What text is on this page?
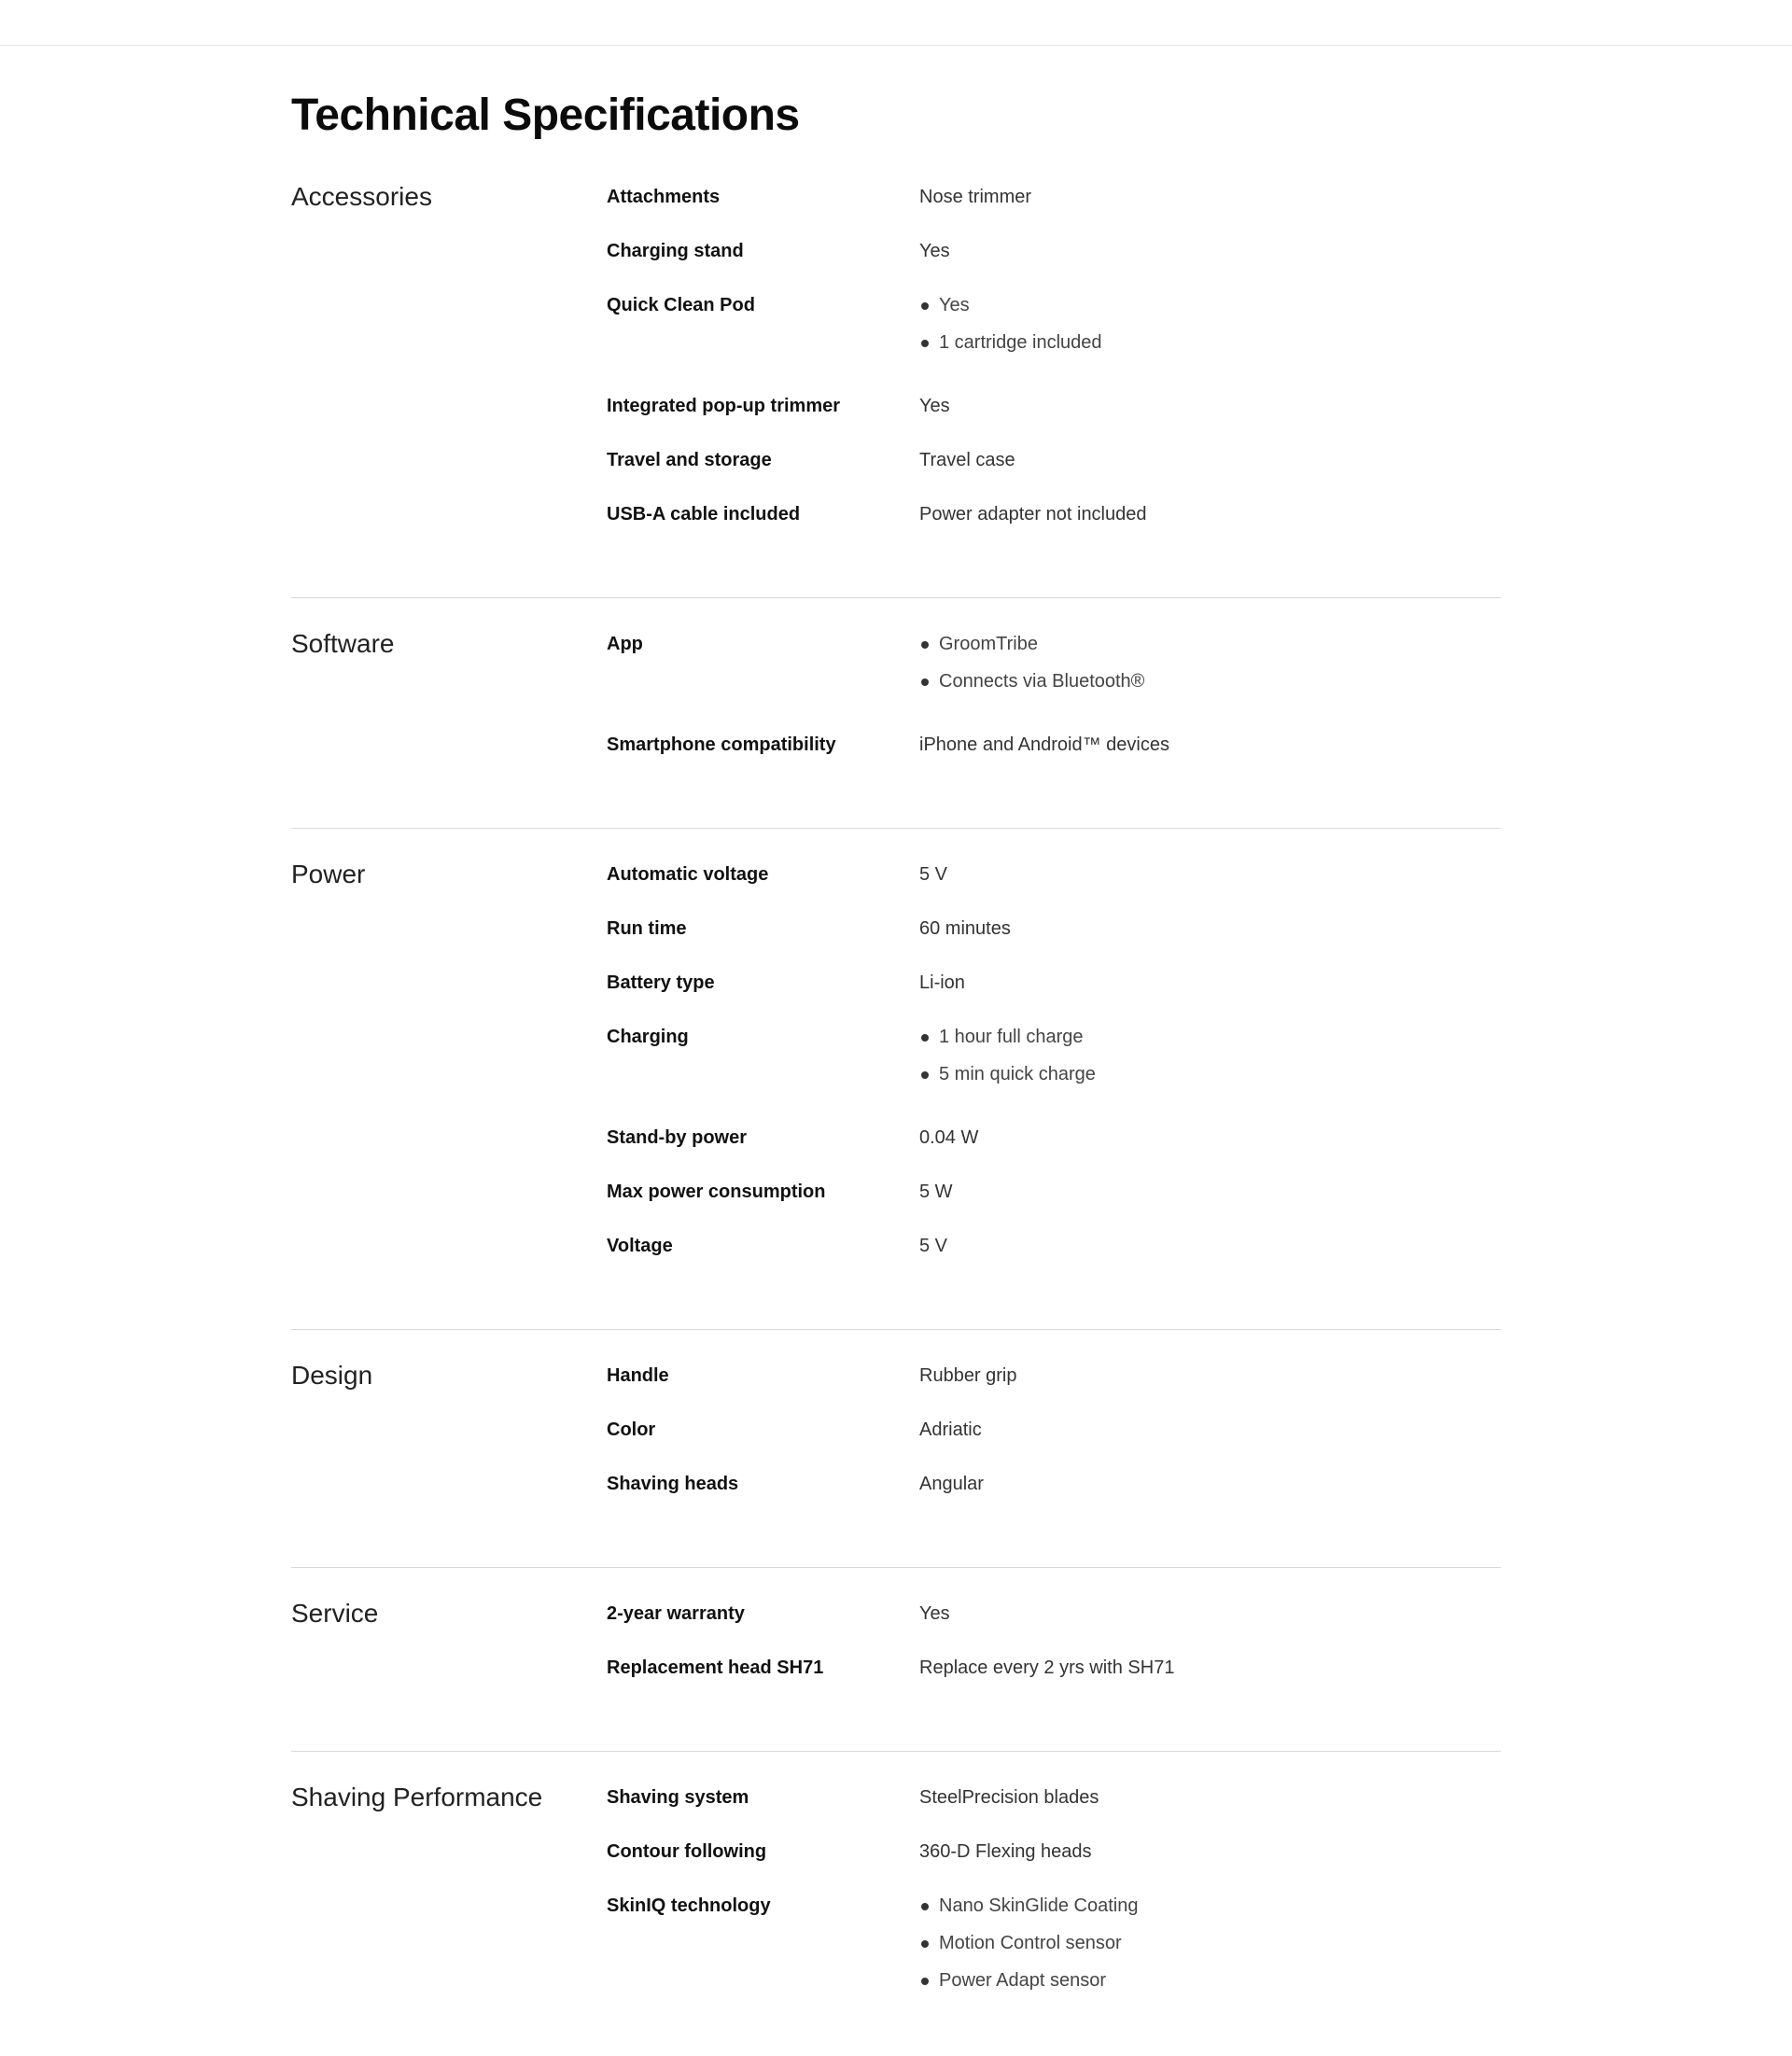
Technical Specifications
Accessories	Attachments	Nose trimmer
Charging stand	Yes
Quick Clean Pod	Yes
1 cartridge included
Integrated pop-up trimmer	Yes
Travel and storage	Travel case
USB-A cable included	Power adapter not included
Software	App	GroomTribe
Connects via Bluetooth®
Smartphone compatibility	iPhone and Android™ devices
Power	Automatic voltage	5 V
Run time	60 minutes
Battery type	Li-ion
Charging	1 hour full charge
5 min quick charge
Stand-by power	0.04 W
Max power consumption	5 W
Voltage	5 V
Design	Handle	Rubber grip
Color	Adriatic
Shaving heads	Angular
Service	2-year warranty	Yes
Replacement head SH71	Replace every 2 yrs with SH71
Shaving Performance	Shaving system	SteelPrecision blades
Contour following	360-D Flexing heads
SkinIQ technology	Nano SkinGlide Coating
Motion Control sensor
Power Adapt sensor
